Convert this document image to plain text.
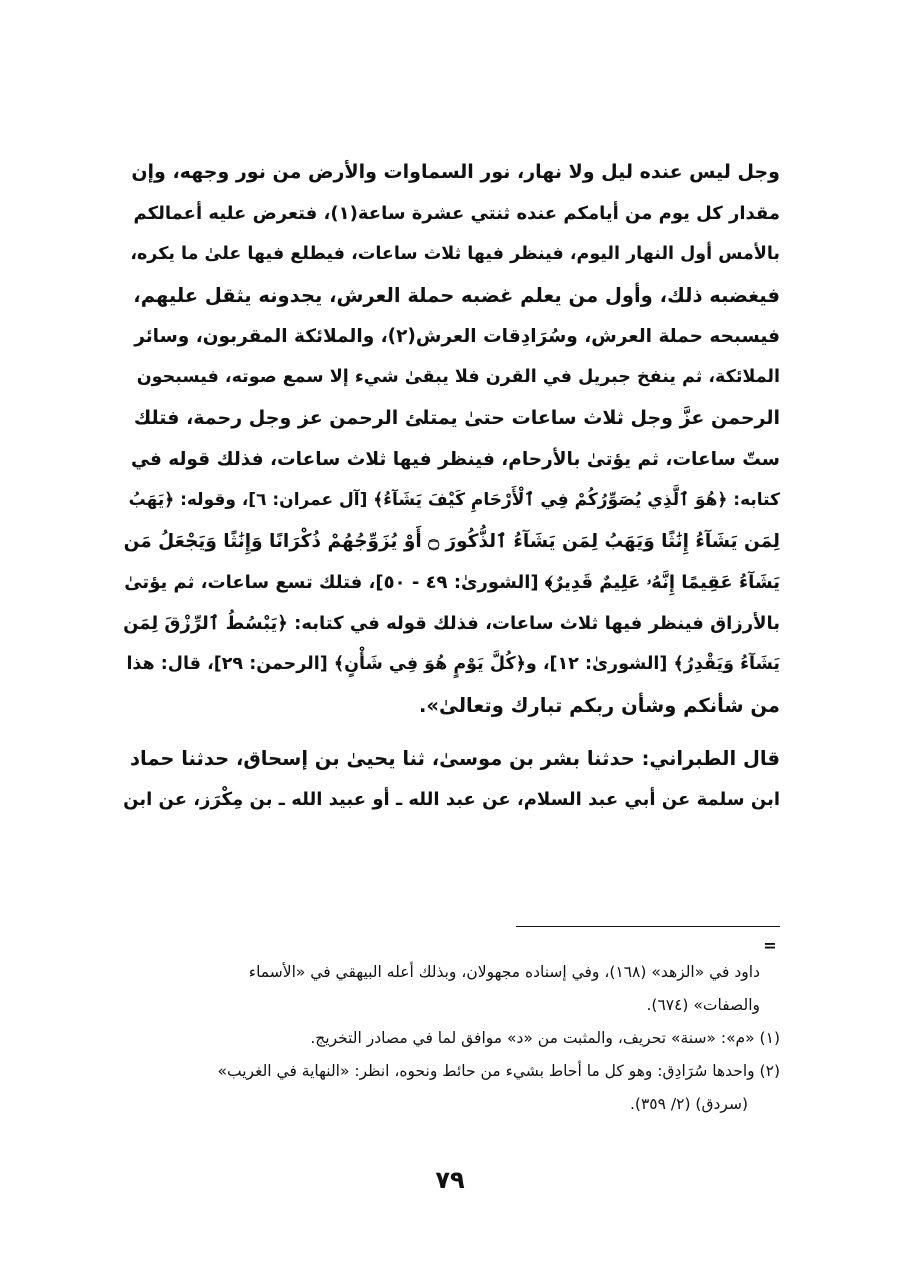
وجل ليس عنده ليل ولا نهار، نور السماوات والأرض من نور وجهه، وإن
مقدار كل يوم من أيامكم عنده ثنتي عشرة ساعة(١)، فتعرض عليه أعمالكم
بالأمس أول النهار اليوم، فينظر فيها ثلاث ساعات، فيطلع فيها علىٰ ما يكره،
فيغضبه ذلك، وأول من يعلم غضبه حملة العرش، يجدونه يثقل عليهم،
فيسبحه حملة العرش، وسُرَادِقات العرش(٢)، والملائكة المقربون، وسائر
الملائكة، ثم ينفخ جبريل في القرن فلا يبقىٰ شيء إلا سمع صوته، فيسبحون
الرحمن عزَّ وجل ثلاث ساعات حتىٰ يمتلئ الرحمن عز وجل رحمة، فتلك
ستّ ساعات، ثم يؤتىٰ بالأرحام، فينظر فيها ثلاث ساعات، فذلك قوله في
كتابه: ﴿هُوَ ٱلَّذِي يُصَوِّرُكُمْ فِي ٱلْأَرْحَامِ كَيْفَ يَشَآءُ﴾ [آل عمران: ٦]، وقوله: ﴿يَهَبُ
لِمَن يَشَآءُ إِنَٰثًا وَيَهَبُ لِمَن يَشَآءُ ٱلذُّكُورَ ۝ أَوْ يُزَوِّجُهُمْ ذُكْرَانًا وَإِنَٰثًا وَيَجْعَلُ مَن
يَشَآءُ عَقِيمًا إِنَّهُۥ عَلِيمٌ قَدِيرٌ﴾ [الشورىٰ: ٤٩ - ٥٠]، فتلك تسع ساعات، ثم يؤتىٰ
بالأرزاق فينظر فيها ثلاث ساعات، فذلك قوله في كتابه: ﴿يَبْسُطُ ٱلرِّزْقَ لِمَن
يَشَآءُ وَيَقْدِرُ﴾ [الشورىٰ: ١٢]، و﴿كُلَّ يَوْمٍ هُوَ فِي شَأْنٍ﴾ [الرحمن: ٢٩]، قال: هذا
من شأنكم وشأن ربكم تبارك وتعالىٰ».
قال الطبراني: حدثنا بشر بن موسىٰ، ثنا يحيىٰ بن إسحاق، حدثنا حماد
ابن سلمة عن أبي عبد السلام، عن عبد الله ـ أو عبيد الله ـ بن مِكْرَز، عن ابن
=
داود في «الزهد» (١٦٨)، وفي إسناده مجهولان، وبذلك أعله البيهقي في «الأسماء
والصفات» (٦٧٤).
(١) «م»: «سنة» تحريف، والمثبت من «د» موافق لما في مصادر التخريج.
(٢) واحدها سُرَادِق: وهو كل ما أحاط بشيء من حائط ونحوه، انظر: «النهاية في الغريب»
(سردق) (٢/ ٣٥٩).
٧٩
